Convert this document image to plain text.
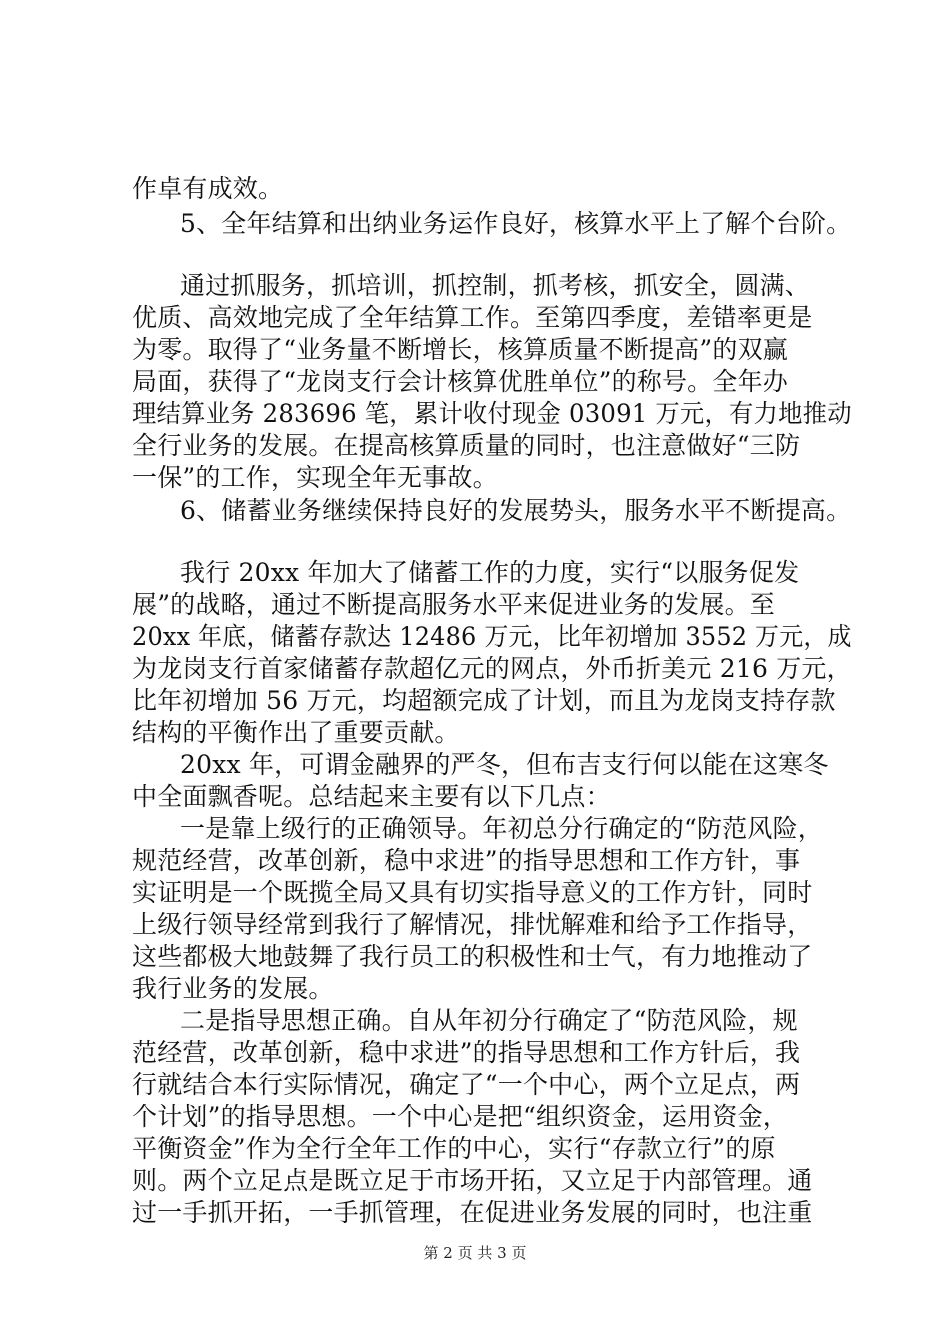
作卓有成效。
5、全年结算和出纳业务运作良好，核算水平上了解个台阶。
通过抓服务，抓培训，抓控制，抓考核，抓安全，圆满、
优质、高效地完成了全年结算工作。至第四季度，差错率更是
为零。取得了“业务量不断增长，核算质量不断提高”的双赢
局面，获得了“龙岗支行会计核算优胜单位”的称号。全年办
理结算业务 283696 笔，累计收付现金 03091 万元，有力地推动
全行业务的发展。在提高核算质量的同时，也注意做好“三防
一保”的工作，实现全年无事故。
6、储蓄业务继续保持良好的发展势头，服务水平不断提高。
我行 20xx 年加大了储蓄工作的力度，实行“以服务促发
展”的战略，通过不断提高服务水平来促进业务的发展。至
20xx 年底，储蓄存款达 12486 万元，比年初增加 3552 万元，成
为龙岗支行首家储蓄存款超亿元的网点，外币折美元 216 万元，
比年初增加 56 万元，均超额完成了计划，而且为龙岗支持存款
结构的平衡作出了重要贡献。
20xx 年，可谓金融界的严冬，但布吉支行何以能在这寒冬
中全面飘香呢。总结起来主要有以下几点：
一是靠上级行的正确领导。年初总分行确定的“防范风险，
规范经营，改革创新，稳中求进”的指导思想和工作方针，事
实证明是一个既揽全局又具有切实指导意义的工作方针，同时
上级行领导经常到我行了解情况，排忧解难和给予工作指导，
这些都极大地鼓舞了我行员工的积极性和士气，有力地推动了
我行业务的发展。
二是指导思想正确。自从年初分行确定了“防范风险，规
范经营，改革创新，稳中求进”的指导思想和工作方针后，我
行就结合本行实际情况，确定了“一个中心，两个立足点，两
个计划”的指导思想。一个中心是把“组织资金，运用资金，
平衡资金”作为全行全年工作的中心，实行“存款立行”的原
则。两个立足点是既立足于市场开拓，又立足于内部管理。通
过一手抓开拓，一手抓管理，在促进业务发展的同时，也注重
第 2 页 共 3 页
